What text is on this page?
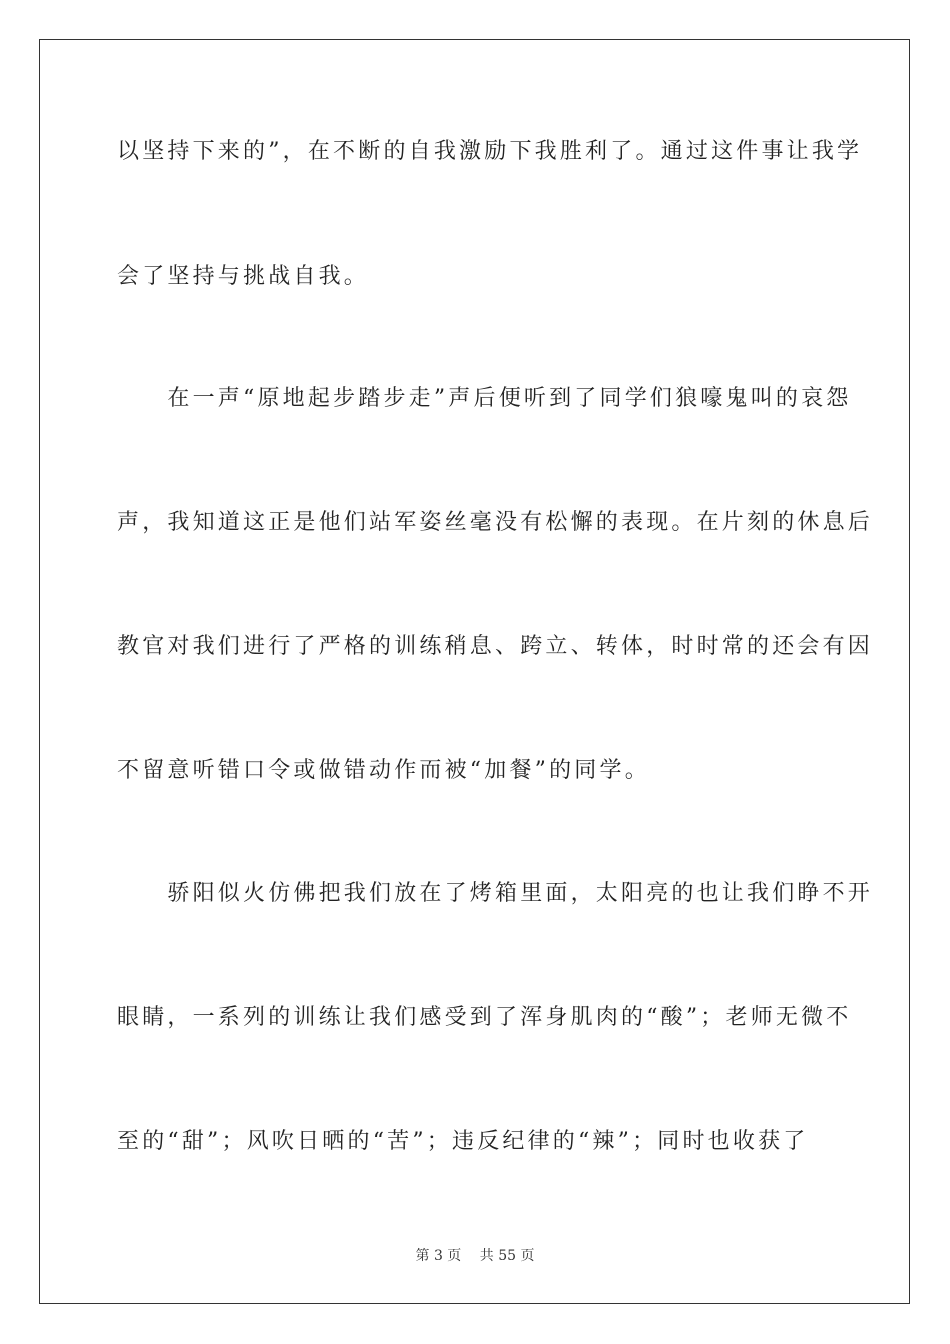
以坚持下来的”，在不断的自我激励下我胜利了。通过这件事让我学
会了坚持与挑战自我。
　　在一声“原地起步踏步走”声后便听到了同学们狼嚎鬼叫的哀怨
声，我知道这正是他们站军姿丝毫没有松懈的表现。在片刻的休息后
教官对我们进行了严格的训练稍息、跨立、转体，时时常的还会有因
不留意听错口令或做错动作而被“加餐”的同学。
　　骄阳似火仿佛把我们放在了烤箱里面，太阳亮的也让我们睁不开
眼睛，一系列的训练让我们感受到了浑身肌肉的“酸”；老师无微不
至的“甜”；风吹日晒的“苦”；违反纪律的“辣”；同时也收获了
第 3 页　 共 55 页
